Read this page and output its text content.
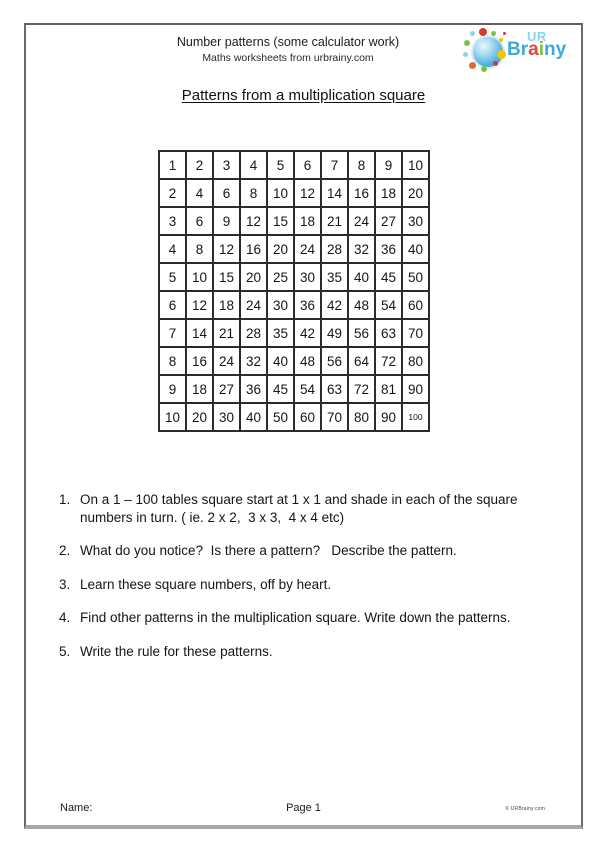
Number patterns (some calculator work)
Maths worksheets from urbrainy.com
UR
Brainy
Patterns from a multiplication square
1	2	3	4	5	6	7	8	9	10
2	4	6	8	10	12	14	16	18	20
3	6	9	12	15	18	21	24	27	30
4	8	12	16	20	24	28	32	36	40
5	10	15	20	25	30	35	40	45	50
6	12	18	24	30	36	42	48	54	60
7	14	21	28	35	42	49	56	63	70
8	16	24	32	40	48	56	64	72	80
9	18	27	36	45	54	63	72	81	90
10	20	30	40	50	60	70	80	90	100
1. On a 1 – 100 tables square start at 1 x 1 and shade in each of the square numbers in turn. ( ie. 2 x 2,  3 x 3,  4 x 4 etc)
2. What do you notice?  Is there a pattern?   Describe the pattern.
3. Learn these square numbers, off by heart.
4. Find other patterns in the multiplication square. Write down the patterns.
5. Write the rule for these patterns.
Name:	Page 1	© URBrainy.com
